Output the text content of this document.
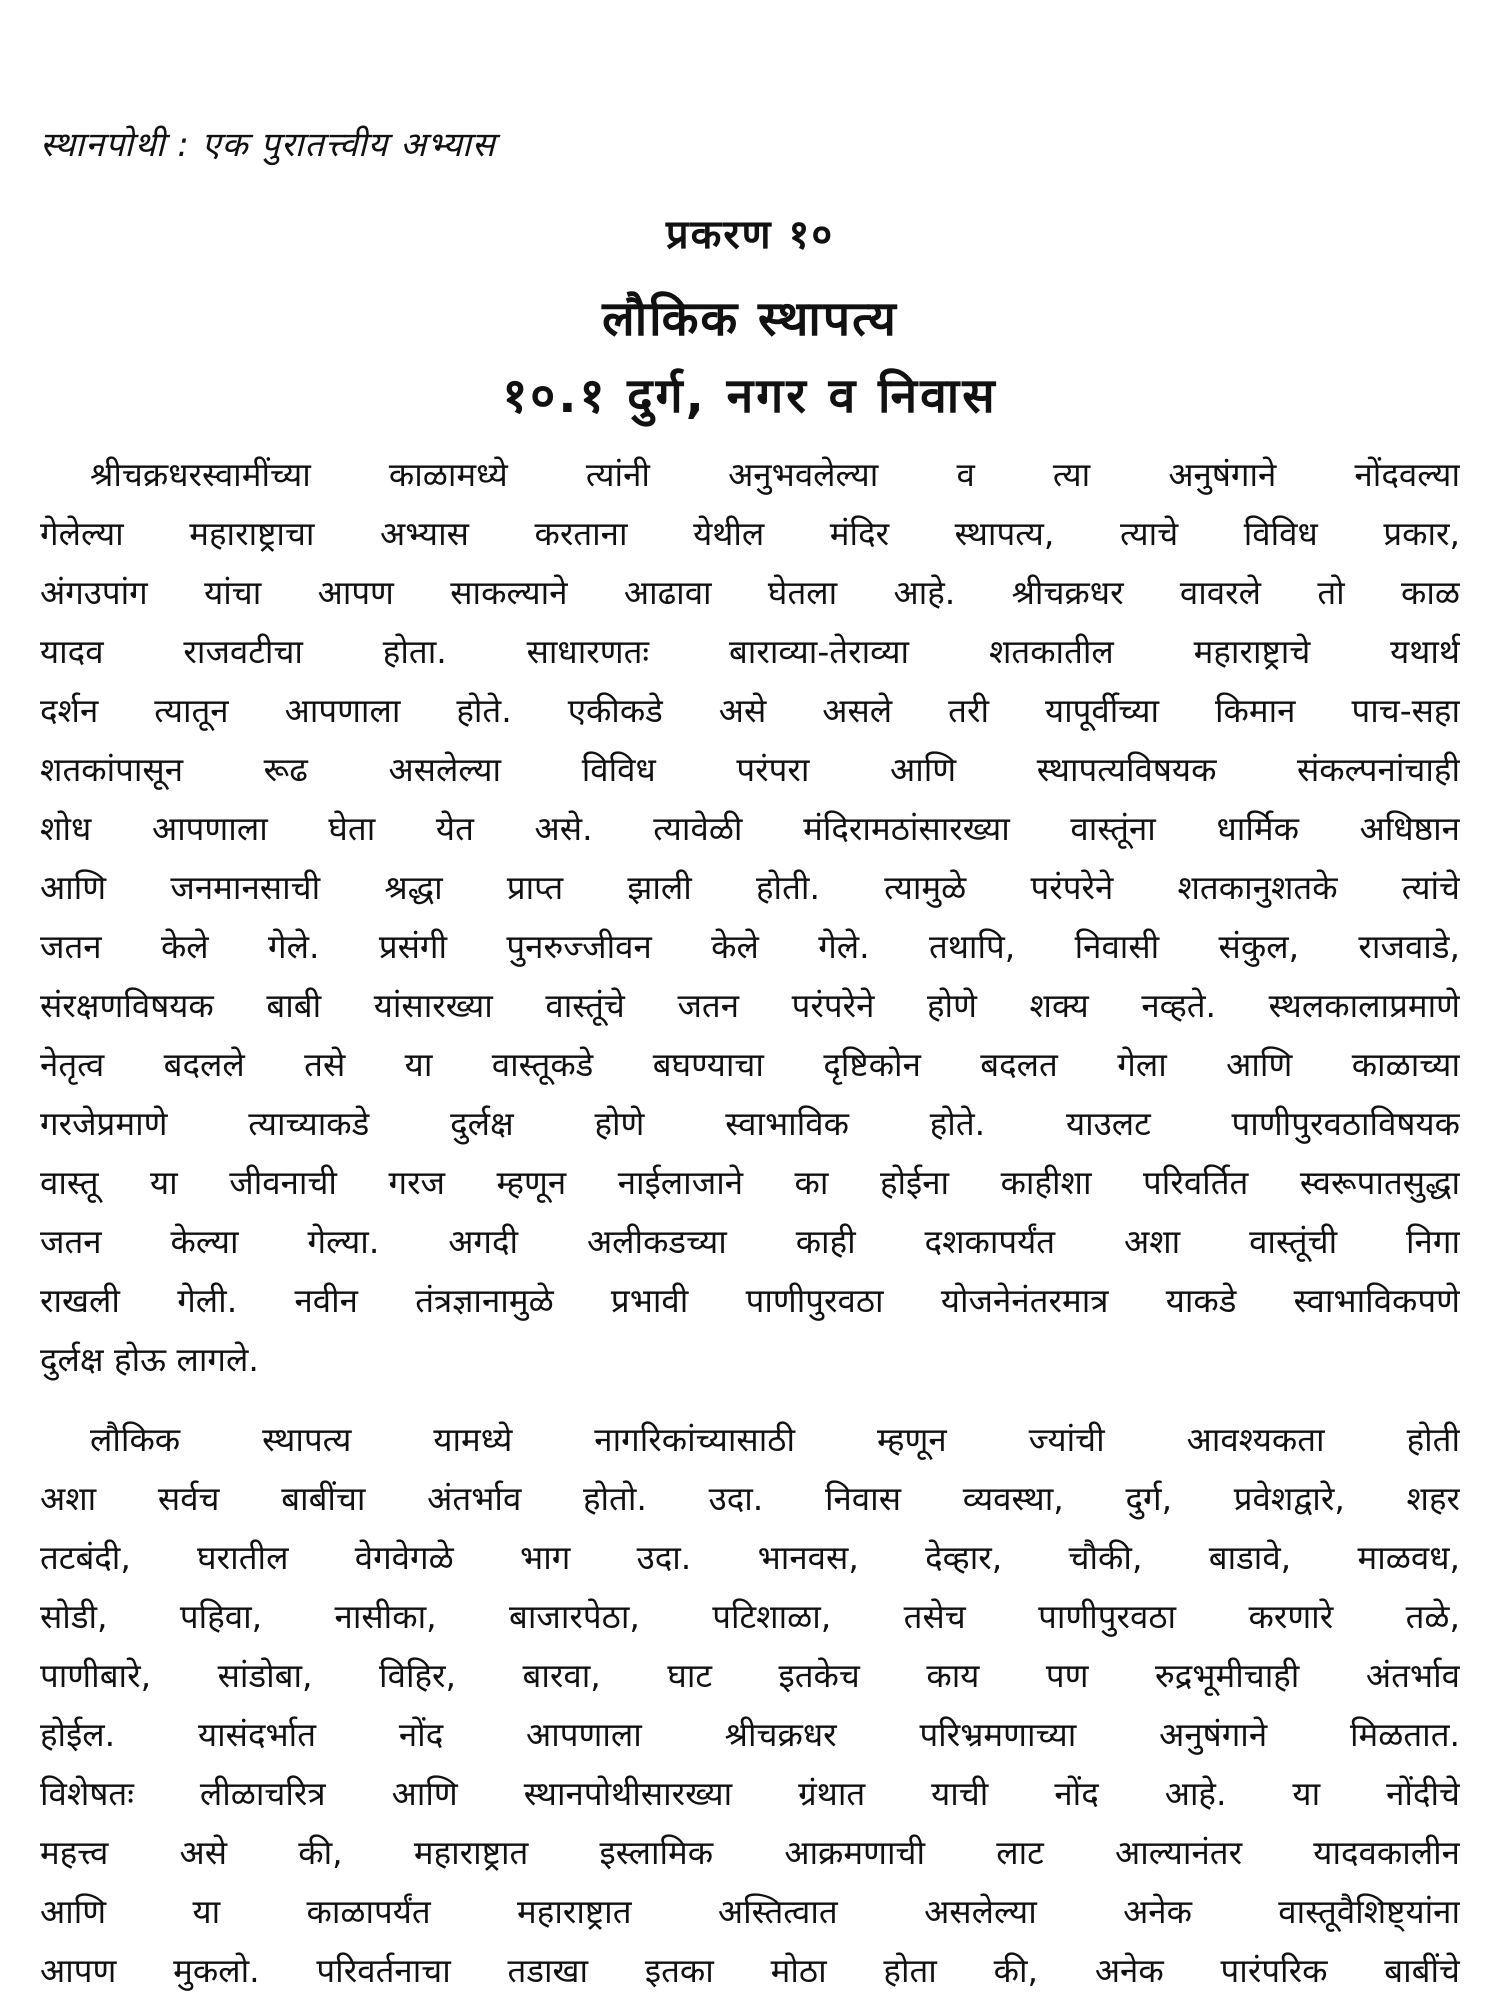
स्थानपोथी : एक पुरातत्त्वीय अभ्यास
प्रकरण १०
लौकिक स्थापत्य
१०.१ दुर्ग, नगर व निवास
श्रीचक्रधरस्वामींच्या काळामध्ये त्यांनी अनुभवलेल्या व त्या अनुषंगाने नोंदवल्या
गेलेल्या महाराष्ट्राचा अभ्यास करताना येथील मंदिर स्थापत्य, त्याचे विविध प्रकार,
अंगउपांग यांचा आपण साकल्याने आढावा घेतला आहे. श्रीचक्रधर वावरले तो काळ
यादव राजवटीचा होता. साधारणतः बाराव्या-तेराव्या शतकातील महाराष्ट्राचे यथार्थ
दर्शन त्यातून आपणाला होते. एकीकडे असे असले तरी यापूर्वीच्या किमान पाच-सहा
शतकांपासून रूढ असलेल्या विविध परंपरा आणि स्थापत्यविषयक संकल्पनांचाही
शोध आपणाला घेता येत असे. त्यावेळी मंदिरामठांसारख्या वास्तूंना धार्मिक अधिष्ठान
आणि जनमानसाची श्रद्धा प्राप्त झाली होती. त्यामुळे परंपरेने शतकानुशतके त्यांचे
जतन केले गेले. प्रसंगी पुनरुज्जीवन केले गेले. तथापि, निवासी संकुल, राजवाडे,
संरक्षणविषयक बाबी यांसारख्या वास्तूंचे जतन परंपरेने होणे शक्य नव्हते. स्थलकालाप्रमाणे
नेतृत्व बदलले तसे या वास्तूकडे बघण्याचा दृष्टिकोन बदलत गेला आणि काळाच्या
गरजेप्रमाणे त्याच्याकडे दुर्लक्ष होणे स्वाभाविक होते. याउलट पाणीपुरवठाविषयक
वास्तू या जीवनाची गरज म्हणून नाईलाजाने का होईना काहीशा परिवर्तित स्वरूपातसुद्धा
जतन केल्या गेल्या. अगदी अलीकडच्या काही दशकापर्यंत अशा वास्तूंची निगा
राखली गेली. नवीन तंत्रज्ञानामुळे प्रभावी पाणीपुरवठा योजनेनंतरमात्र याकडे स्वाभाविकपणे
दुर्लक्ष होऊ लागले.
लौकिक स्थापत्य यामध्ये नागरिकांच्यासाठी म्हणून ज्यांची आवश्यकता होती
अशा सर्वच बाबींचा अंतर्भाव होतो. उदा. निवास व्यवस्था, दुर्ग, प्रवेशद्वारे, शहर
तटबंदी, घरातील वेगवेगळे भाग उदा. भानवस, देव्हार, चौकी, बाडावे, माळवध,
सोडी, पहिवा, नासीका, बाजारपेठा, पटिशाळा, तसेच पाणीपुरवठा करणारे तळे,
पाणीबारे, सांडोबा, विहिर, बारवा, घाट इतकेच काय पण रुद्रभूमीचाही अंतर्भाव
होईल. यासंदर्भात नोंद आपणाला श्रीचक्रधर परिभ्रमणाच्या अनुषंगाने मिळतात.
विशेषतः लीळाचरित्र आणि स्थानपोथीसारख्या ग्रंथात याची नोंद आहे. या नोंदीचे
महत्त्व असे की, महाराष्ट्रात इस्लामिक आक्रमणाची लाट आल्यानंतर यादवकालीन
आणि या काळापर्यंत महाराष्ट्रात अस्तित्वात असलेल्या अनेक वास्तूवैशिष्ट्यांना
आपण मुकलो. परिवर्तनाचा तडाखा इतका मोठा होता की, अनेक पारंपरिक बाबींचे
